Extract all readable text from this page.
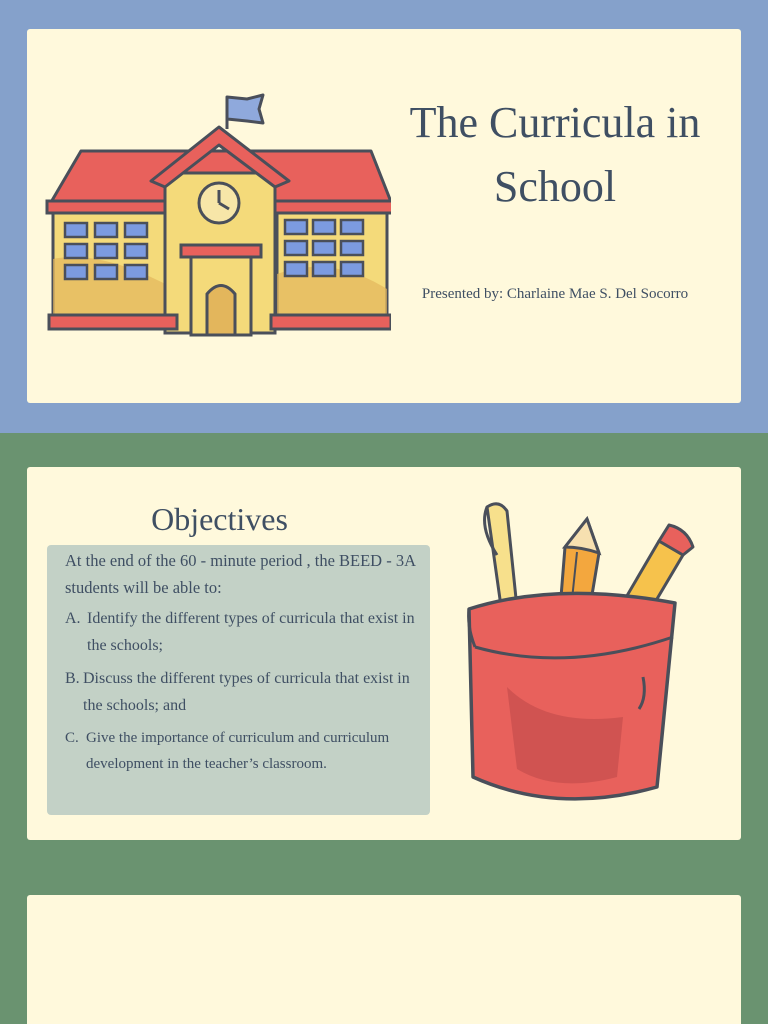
The Curricula in School

Presented by: Charlaine Mae S. Del Socorro

Objectives

At the end of the 60 - minute period , the BEED - 3A students will be able to:

A. Identify the different types of curricula that exist in the schools;
B. Discuss the different types of curricula that exist in the schools; and
C. Give the importance of curriculum and curriculum development in the teacher’s classroom.
